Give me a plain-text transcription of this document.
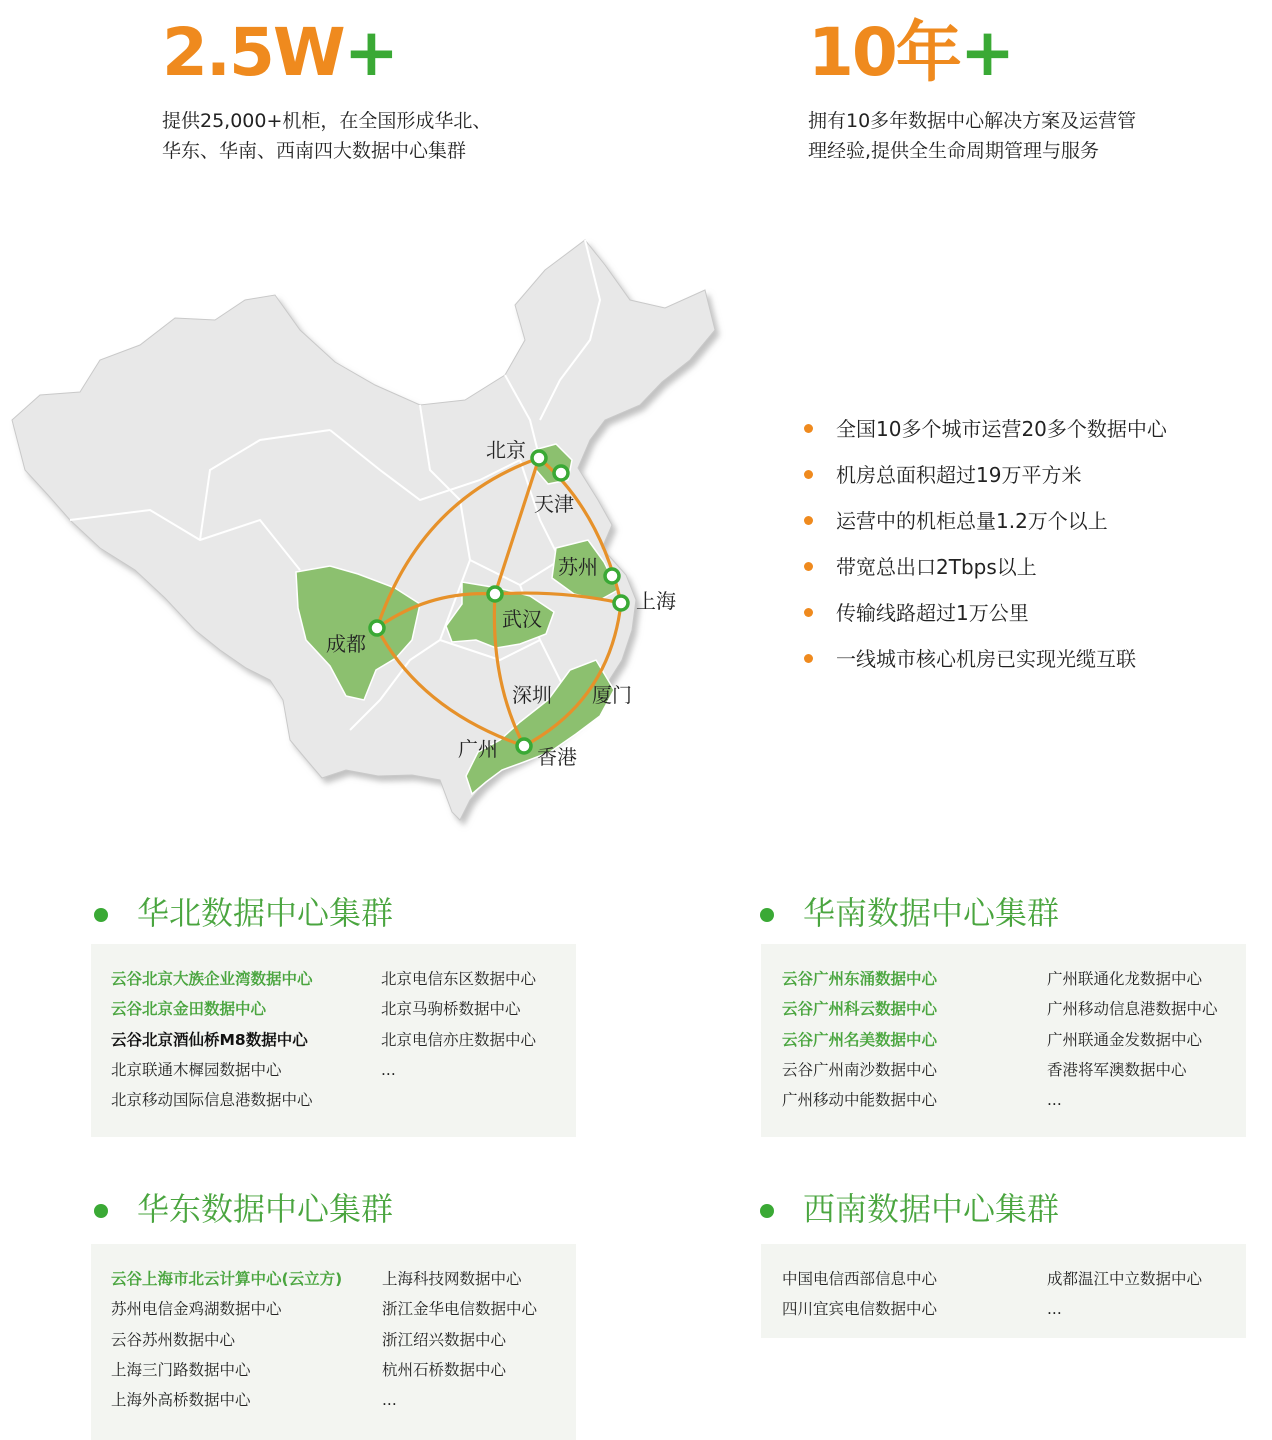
2.5W+
提供25,000+机柜，在全国形成华北、
华东、华南、西南四大数据中心集群
10年+
拥有10多年数据中心解决方案及运营管
理经验,提供全生命周期管理与服务
北京
天津
苏州
上海
成都
武汉
深圳 厦门
广州 香港
全国10多个城市运营20多个数据中心
机房总面积超过19万平方米
运营中的机柜总量1.2万个以上
带宽总出口2Tbps以上
传输线路超过1万公里
一线城市核心机房已实现光缆互联
华北数据中心集群
云谷北京大族企业湾数据中心
云谷北京金田数据中心
云谷北京酒仙桥M8数据中心
北京联通木樨园数据中心
北京移动国际信息港数据中心
北京电信东区数据中心
北京马驹桥数据中心
北京电信亦庄数据中心
...
华南数据中心集群
云谷广州东涌数据中心
云谷广州科云数据中心
云谷广州名美数据中心
云谷广州南沙数据中心
广州移动中能数据中心
广州联通化龙数据中心
广州移动信息港数据中心
广州联通金发数据中心
香港将军澳数据中心
...
华东数据中心集群
云谷上海市北云计算中心(云立方)
苏州电信金鸡湖数据中心
云谷苏州数据中心
上海三门路数据中心
上海外高桥数据中心
上海科技网数据中心
浙江金华电信数据中心
浙江绍兴数据中心
杭州石桥数据中心
...
西南数据中心集群
中国电信西部信息中心
四川宜宾电信数据中心
成都温江中立数据中心
...
